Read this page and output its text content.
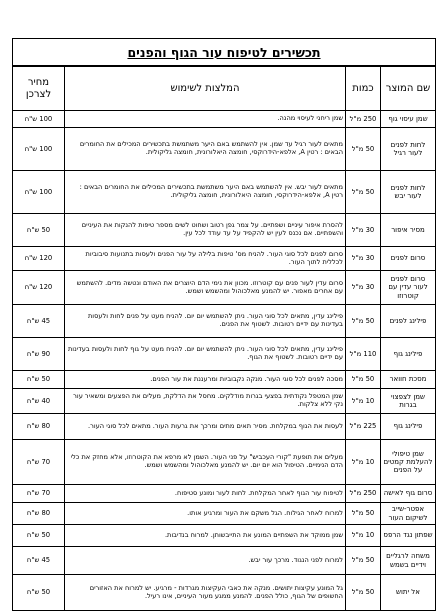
תכשירים לטיפוח עור הגוף והפנים
שם המוצר	כמות	המלצות לשימוש	מחיר לצרכן
שמן עיסוי גוף	250 מ"ל	שמן ריחני לעיסוי מהנה.	100 ש"ח
לחות לפנים לעור רגיל	50 מ"ל	מתאים לעור רגיל עד שמן. אין להשתמש באם היער משתמשת בתכשירים המכילים את החומרים הבאים : רטין A, אלפא-הידרוקסי, חומצה היאלורונית, חומצה גליקולית.	100 ש"ח
לחות לפנים לעור יבש	50 מ"ל	מתאים לעור יבש. אין להשתמש באם היער משתמשת בתכשירים המכילים את החומרים הבאים : רטין A, אלפא-הידרוקסי, חומצה היאלורונית, חומצה גליקולית.	100 ש"ח
מסיר איפור	30 מ"ל	להסרת איפור עיניים ושפתיים. על צמר גפן רטוב ושחוט לשים מספר טיפות להנקות את העיניים והשפתיים. אם נכנס לעין יש להקפיד על עד עודד לכל עין.	50 ש"ח
סרום לפנים	30 מ"ל	סרום לפנים לכל סוגי העור. להניח מס' טיפות בלילה על עור הפנים ולעסות בתנועות סיבוביות לכללית לתוך העור.	120 ש"ח
סרום לפנים לעור עדין עם קוטרוזו	30 מ"ל	סרום עדין לעור פנים עם קוטרוזו. מכוון את נימי הדם היוצרים את האודם ונטשה מדים. להשתמש עם אחרים מאפור. יש להמנע מאלכוהול ומהשמש ושמש.	120 ש"ח
פילינג לפנים	50 מ"ל	פילינג עדין, מתאים לכל סוגי העור. ניתן להשתמש יום יום. להניח מעט על פנים לחות ולעסות בעדינות עם ידיים רטובות. לשטוף את הפנים.	45 ש"ח
פילינג גוף	110 מ"ל	פילינג עדין, מתאים לכל סוגי העור. ניתן להשתמש יום יום. להניח מעט על גוף לחות ולעסות בעדינות עם ידיים רטובות. לשטוף את הגוף.	90 ש"ח
מסכת חוואר	50 מ"ל	מסכה לפנים לכל סוגי העור. מנקה נקבוביות ומרעננת את עור הפנים.	50 ש"ח
שמן לצפצוי בגרות	10 מ"ל	שמן המטפל נקודתית בפצעי בגרות מודלקים. מחסל את הדלקת, מעלים את הפצעים ומשאיר עור נקי ללא צלקות.	40 ש"ח
פילינג גוף	225 מ"ל	לעסות את הגוף במקלחת. מסיר תאים מתים ומרכך את גרעות העור. מתאים לכל סוגי העור.	80 ש"ח
שמן טיפולי להעלמת קמטים על הפנים	10 מ"ל	מעלים את תופעת "קורי העכביש" על פני העור. השמן לא מרפא את הקוטרוזו, אלא מחזק את כלי הדם הנימיים. הטיפול הוא יום יום. יש להמנע מאלכוהול ומהשמש ושמש.	70 ש"ח
סרום גוף לאישה	250 מ"ל	לטיפוח עור הגוף לאחר המקלחת. לחות לעור ומונע סטיפוח.	70 ש"ח
אפטר-שייב לשיקום העור	50 מ"ל	למרוח לאחר הגילוח. הגל משקם את העור ומרגיע אותו.	80 ש"ח
שפתון נגד הרפס	10 מ"ל	שמן ממוקד את השפתיים המונע את התייבשותן. למרוח בנדיבות.	50 ש"ח
משחה לרגליים וידיים בשמש	50 מ"ל	למרוח לפני הנגוד. מרכך עור יבש.	45 ש"ח
אל יתוש	50 מ"ל	גל המונע עקיצות יתושים. מנקה את כאבי העקיצות מגרדות - מרגיע. יש למרוח את האזורים החשופים של הגוף, כולל הפנים. להמנע ממגע מעור העיניים, אינו רעיל.	50 ש"ח
